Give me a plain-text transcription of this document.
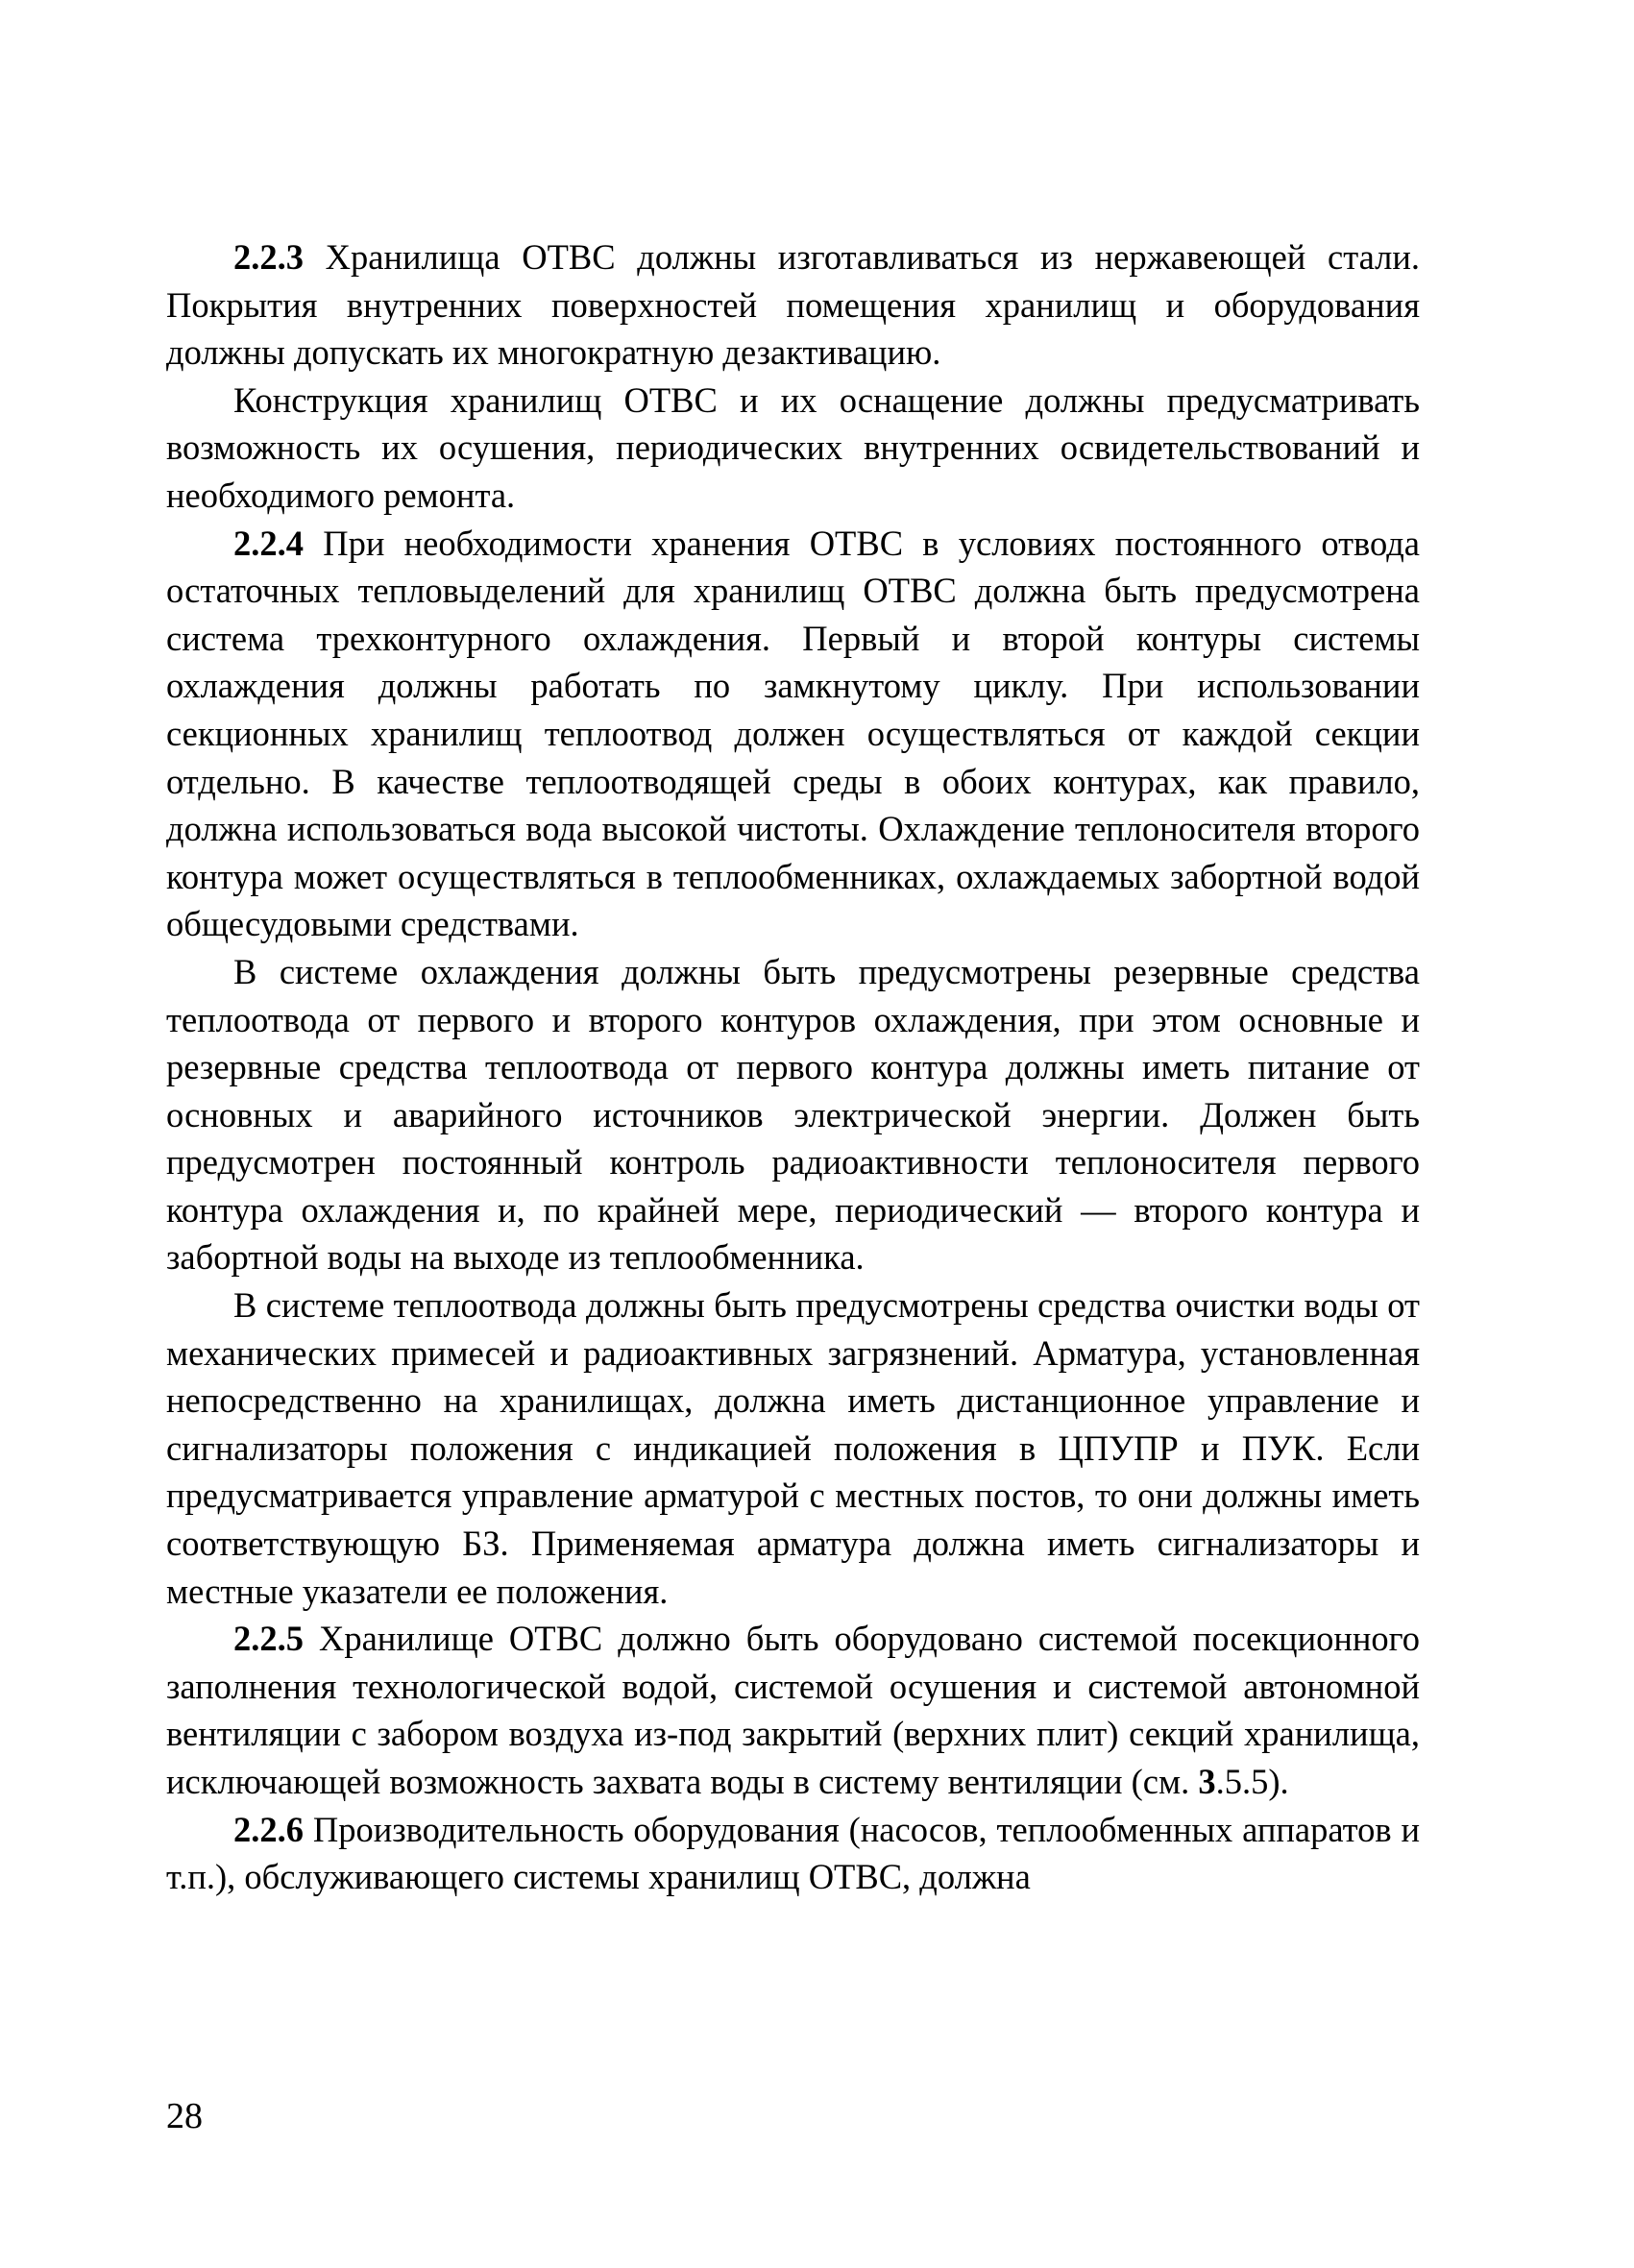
2.2.3 Хранилища ОТВС должны изготавливаться из нержавеющей стали. Покрытия внутренних поверхностей помещения хранилищ и оборудования должны допускать их многократную дезактивацию.

Конструкция хранилищ ОТВС и их оснащение должны предусматривать возможность их осушения, периодических внутренних освидетельствований и необходимого ремонта.

2.2.4 При необходимости хранения ОТВС в условиях постоянного отвода остаточных тепловыделений для хранилищ ОТВС должна быть предусмотрена система трехконтурного охлаждения. Первый и второй контуры системы охлаждения должны работать по замкнутому циклу. При использовании секционных хранилищ теплоотвод должен осуществляться от каждой секции отдельно. В качестве теплоотводящей среды в обоих контурах, как правило, должна использоваться вода высокой чистоты. Охлаждение теплоносителя второго контура может осуществляться в теплообменниках, охлаждаемых забортной водой общесудовыми средствами.

В системе охлаждения должны быть предусмотрены резервные средства теплоотвода от первого и второго контуров охлаждения, при этом основные и резервные средства теплоотвода от первого контура должны иметь питание от основных и аварийного источников электрической энергии. Должен быть предусмотрен постоянный контроль радиоактивности теплоносителя первого контура охлаждения и, по крайней мере, периодический — второго контура и забортной воды на выходе из теплообменника.

В системе теплоотвода должны быть предусмотрены средства очистки воды от механических примесей и радиоактивных загрязнений. Арматура, установленная непосредственно на хранилищах, должна иметь дистанционное управление и сигнализаторы положения с индикацией положения в ЦПУПР и ПУК. Если предусматривается управление арматурой с местных постов, то они должны иметь соответствующую БЗ. Применяемая арматура должна иметь сигнализаторы и местные указатели ее положения.

2.2.5 Хранилище ОТВС должно быть оборудовано системой посекционного заполнения технологической водой, системой осушения и системой автономной вентиляции с забором воздуха из-под закрытий (верхних плит) секций хранилища, исключающей возможность захвата воды в систему вентиляции (см. 3.5.5).

2.2.6 Производительность оборудования (насосов, теплообменных аппаратов и т.п.), обслуживающего системы хранилищ ОТВС, должна

28
